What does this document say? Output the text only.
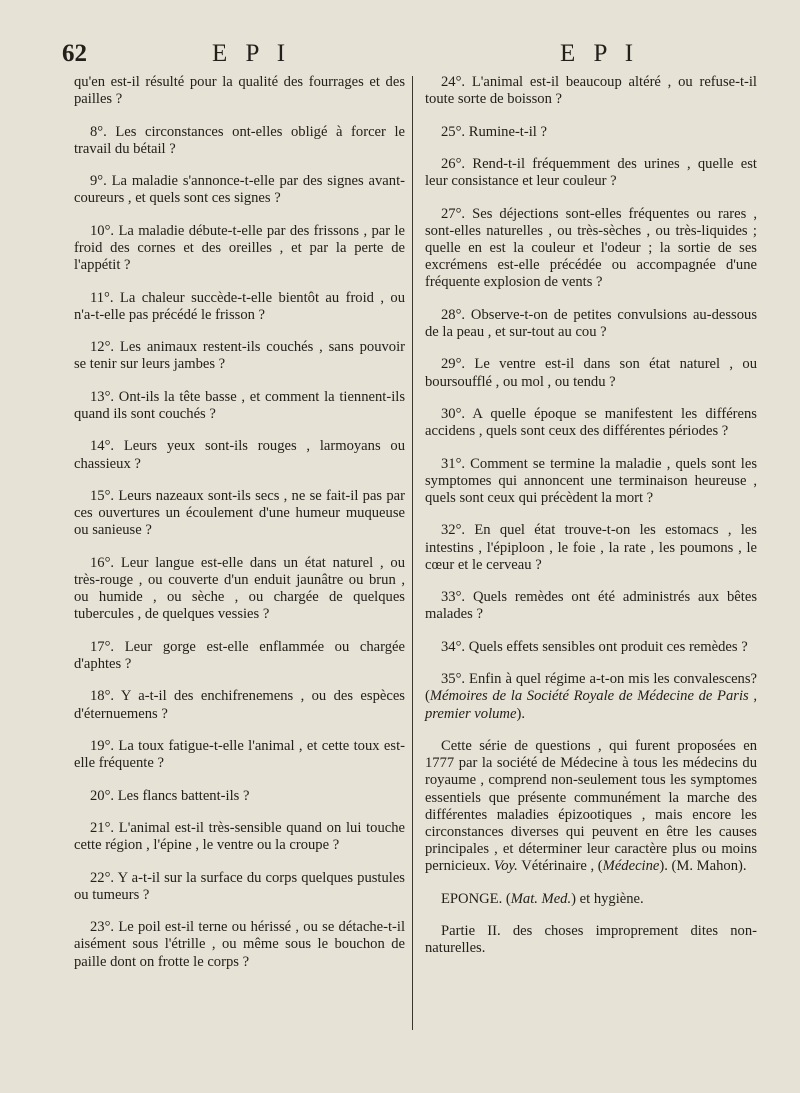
62	E P I	E P I

qu'en est-il résulté pour la qualité des fourrages et des pailles ?

8°. Les circonstances ont-elles obligé à forcer le travail du bétail ?

9°. La maladie s'annonce-t-elle par des signes avant-coureurs , et quels sont ces signes ?

10°. La maladie débute-t-elle par des frissons , par le froid des cornes et des oreilles , et par la perte de l'appétit ?

11°. La chaleur succède-t-elle bientôt au froid , ou n'a-t-elle pas précédé le frisson ?

12°. Les animaux restent-ils couchés , sans pouvoir se tenir sur leurs jambes ?

13°. Ont-ils la tête basse , et comment la tiennent-ils quand ils sont couchés ?

14°. Leurs yeux sont-ils rouges , larmoyans ou chassieux ?

15°. Leurs nazeaux sont-ils secs , ne se fait-il pas par ces ouvertures un écoulement d'une humeur muqueuse ou sanieuse ?

16°. Leur langue est-elle dans un état naturel , ou très-rouge , ou couverte d'un enduit jaunâtre ou brun , ou humide , ou sèche , ou chargée de quelques tubercules , de quelques vessies ?

17°. Leur gorge est-elle enflammée ou chargée d'aphtes ?

18°. Y a-t-il des enchifrenemens , ou des espèces d'éternuemens ?

19°. La toux fatigue-t-elle l'animal , et cette toux est-elle fréquente ?

20°. Les flancs battent-ils ?

21°. L'animal est-il très-sensible quand on lui touche cette région , l'épine , le ventre ou la croupe ?

22°. Y a-t-il sur la surface du corps quelques pustules ou tumeurs ?

23°. Le poil est-il terne ou hérissé , ou se détache-t-il aisément sous l'étrille , ou même sous le bouchon de paille dont on frotte le corps ?

24°. L'animal est-il beaucoup altéré , ou refuse-t-il toute sorte de boisson ?

25°. Rumine-t-il ?

26°. Rend-t-il fréquemment des urines , quelle est leur consistance et leur couleur ?

27°. Ses déjections sont-elles fréquentes ou rares , sont-elles naturelles , ou très-sèches , ou très-liquides ; quelle en est la couleur et l'odeur ; la sortie de ses excrémens est-elle précédée ou accompagnée d'une fréquente explosion de vents ?

28°. Observe-t-on de petites convulsions au-dessous de la peau , et sur-tout au cou ?

29°. Le ventre est-il dans son état naturel , ou boursoufflé , ou mol , ou tendu ?

30°. A quelle époque se manifestent les différens accidens , quels sont ceux des différentes périodes ?

31°. Comment se termine la maladie , quels sont les symptomes qui annoncent une terminaison heureuse , quels sont ceux qui précèdent la mort ?

32°. En quel état trouve-t-on les estomacs , les intestins , l'épiploon , le foie , la rate , les poumons , le cœur et le cerveau ?

33°. Quels remèdes ont été administrés aux bêtes malades ?

34°. Quels effets sensibles ont produit ces remèdes ?

35°. Enfin à quel régime a-t-on mis les convalescens? (Mémoires de la Société Royale de Médecine de Paris , premier volume).

Cette série de questions , qui furent proposées en 1777 par la société de Médecine à tous les médecins du royaume , comprend non-seulement tous les symptomes essentiels que présente communément la marche des différentes maladies épizootiques , mais encore les circonstances diverses qui peuvent en être les causes principales , et déterminer leur caractère plus ou moins pernicieux. Voy. Vétérinaire , (Médecine). (M. Mahon).

EPONGE. (Mat. Med.) et hygiène.

Partie II. des choses improprement dites non-naturelles.
